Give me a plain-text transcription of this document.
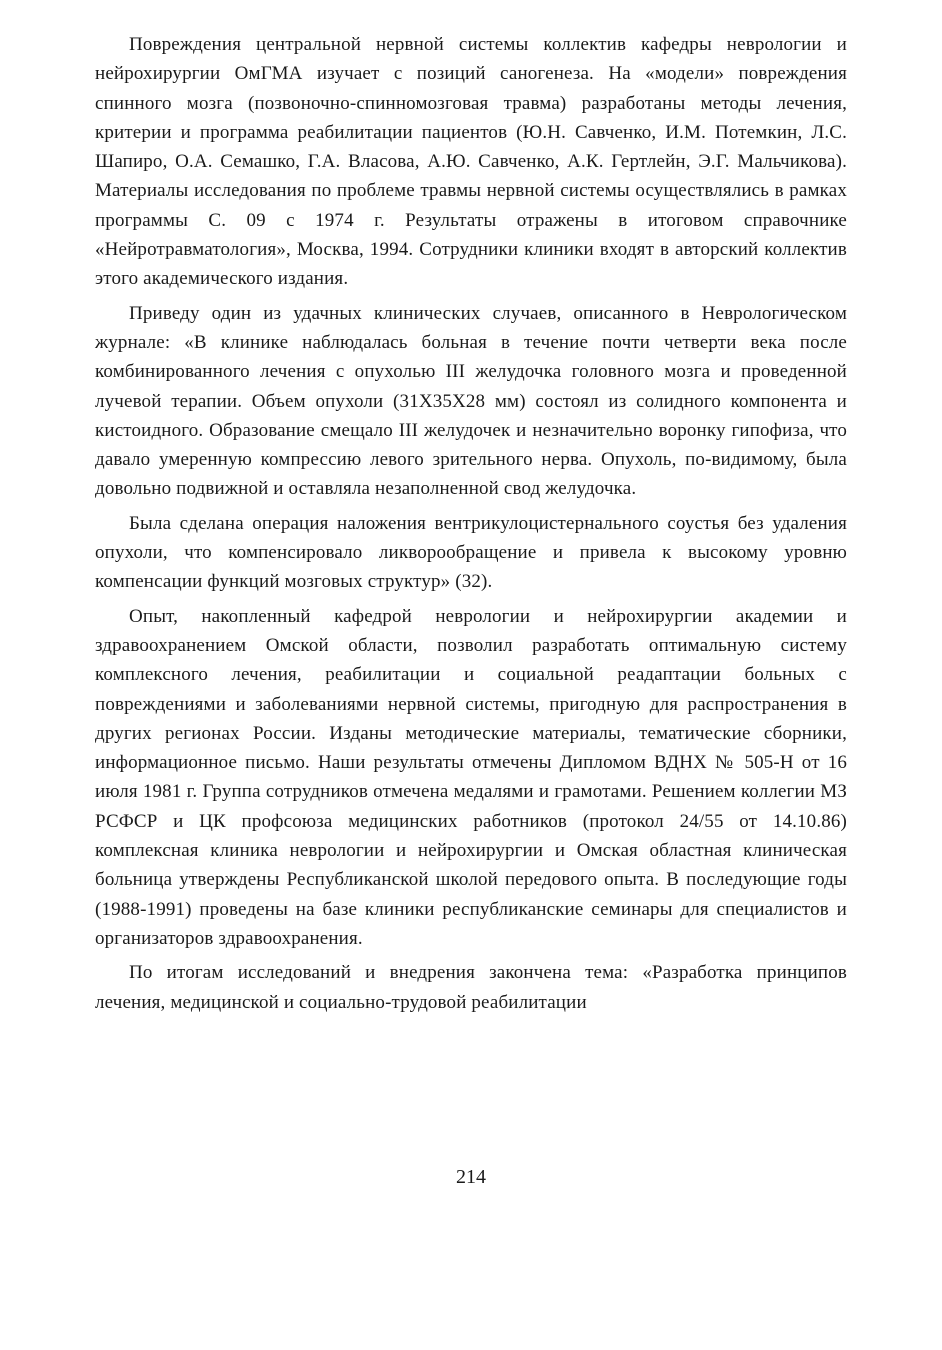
Повреждения центральной нервной системы коллектив кафедры неврологии и нейрохирургии ОмГМА изучает с позиций саногенеза. На «модели» повреждения спинного мозга (позвоночно-спинномозговая травма) разработаны методы лечения, критерии и программа реабилитации пациентов (Ю.Н. Савченко, И.М. Потемкин, Л.С. Шапиро, О.А. Семашко, Г.А. Власова, А.Ю. Савченко, А.К. Гертлейн, Э.Г. Мальчикова). Материалы исследования по проблеме травмы нервной системы осуществлялись в рамках программы С. 09 с 1974 г. Результаты отражены в итоговом справочнике «Нейротравматология», Москва, 1994. Сотрудники клиники входят в авторский коллектив этого академического издания.

Приведу один из удачных клинических случаев, описанного в Неврологическом журнале: «В клинике наблюдалась больная в течение почти четверти века после комбинированного лечения с опухолью III желудочка головного мозга и проведенной лучевой терапии. Объем опухоли (31Х35Х28 мм) состоял из солидного компонента и кистоидного. Образование смещало III желудочек и незначительно воронку гипофиза, что давало умеренную компрессию левого зрительного нерва. Опухоль, по-видимому, была довольно подвижной и оставляла незаполненной свод желудочка.

Была сделана операция наложения вентрикулоцистернального соустья без удаления опухоли, что компенсировало ликворообращение и привела к высокому уровню компенсации функций мозговых структур» (32).

Опыт, накопленный кафедрой неврологии и нейрохирургии академии и здравоохранением Омской области, позволил разработать оптимальную систему комплексного лечения, реабилитации и социальной реадаптации больных с повреждениями и заболеваниями нервной системы, пригодную для распространения в других регионах России. Изданы методические материалы, тематические сборники, информационное письмо. Наши результаты отмечены Дипломом ВДНХ № 505-Н от 16 июля 1981 г. Группа сотрудников отмечена медалями и грамотами. Решением коллегии МЗ РСФСР и ЦК профсоюза медицинских работников (протокол 24/55 от 14.10.86) комплексная клиника неврологии и нейрохирургии и Омская областная клиническая больница утверждены Республиканской школой передового опыта. В последующие годы (1988-1991) проведены на базе клиники республиканские семинары для специалистов и организаторов здравоохранения.

По итогам исследований и внедрения закончена тема: «Разработка принципов лечения, медицинской и социально-трудовой реабилитации

214
